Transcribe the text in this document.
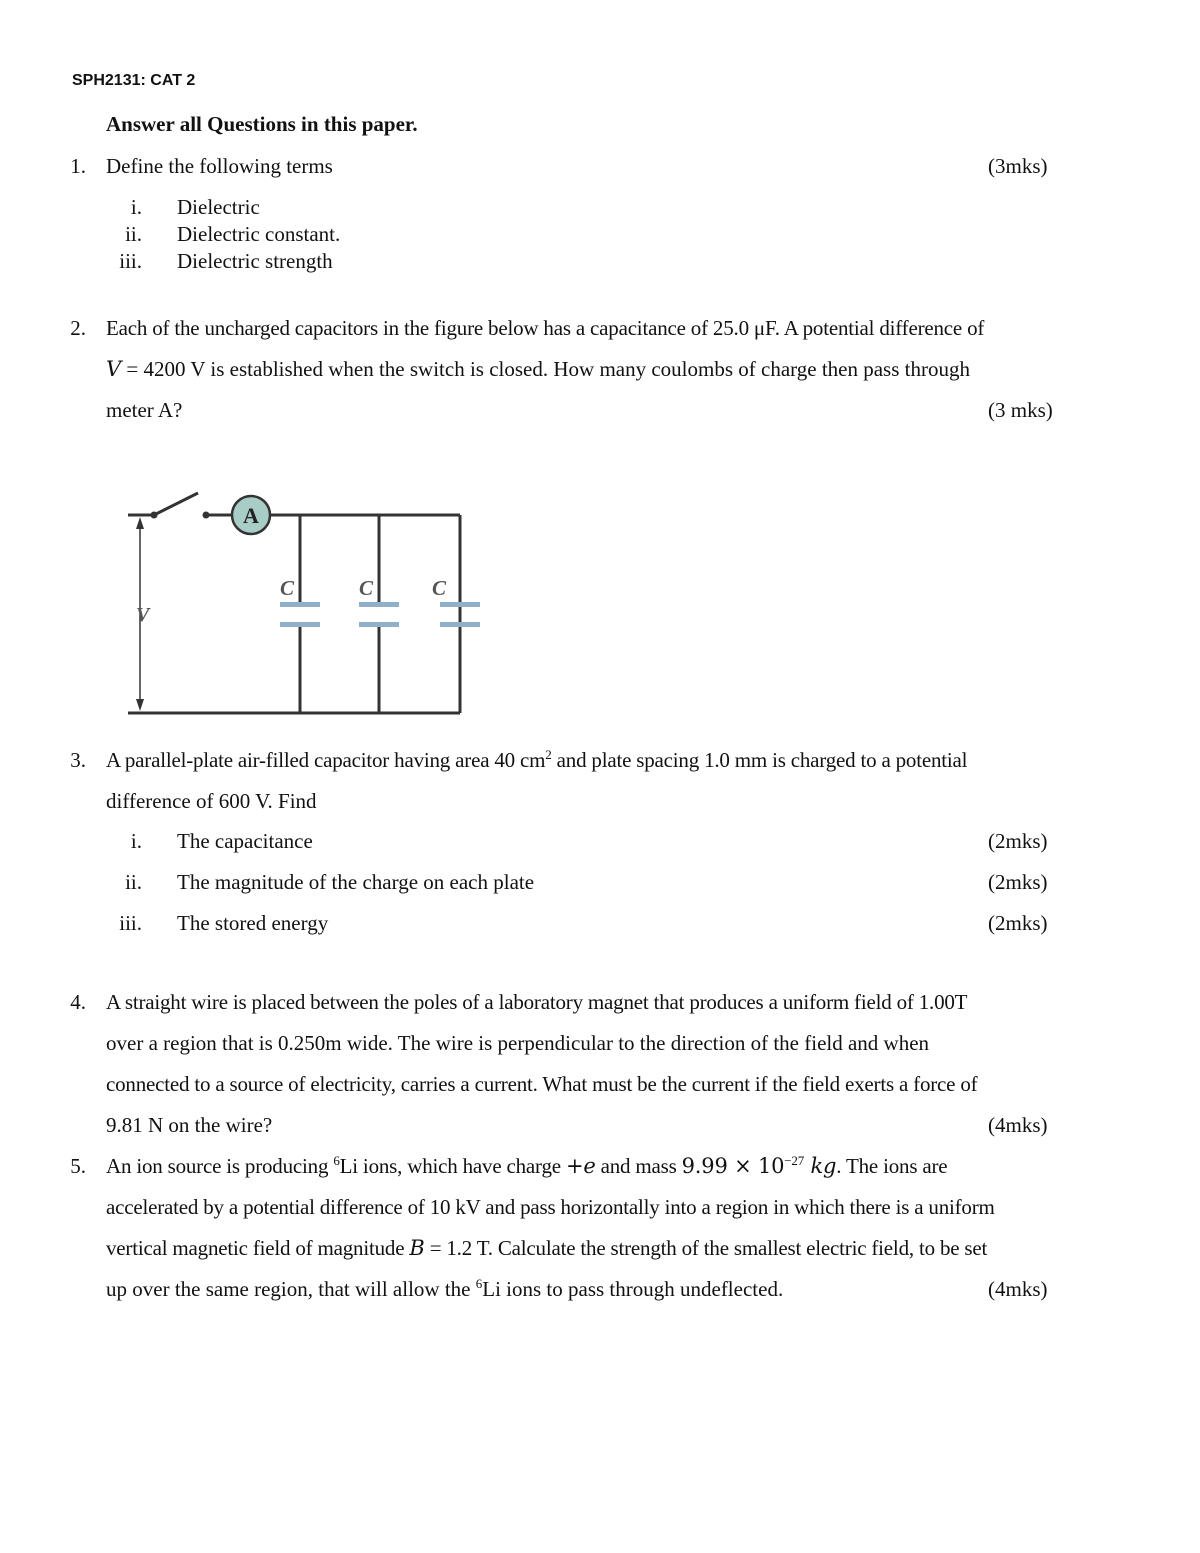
SPH2131: CAT 2
Answer all Questions in this paper.
1. Define the following terms	(3mks)
i. Dielectric
ii. Dielectric constant.
iii. Dielectric strength
2. Each of the uncharged capacitors in the figure below has a capacitance of 25.0 μF. A potential difference of
V = 4200 V is established when the switch is closed. How many coulombs of charge then pass through
meter A?	(3 mks)
A
V
C	C	C
3. A parallel-plate air-filled capacitor having area 40 $cm^2$ and plate spacing 1.0 mm is charged to a potential
difference of 600 V. Find
i. The capacitance	(2mks)
ii. The magnitude of the charge on each plate	(2mks)
iii. The stored energy	(2mks)
4. A straight wire is placed between the poles of a laboratory magnet that produces a uniform field of 1.00T
over a region that is 0.250m wide. The wire is perpendicular to the direction of the field and when
connected to a source of electricity, carries a current. What must be the current if the field exerts a force of
9.81 N on the wire?	(4mks)
5. An ion source is producing $^6$Li ions, which have charge +e and mass $9.99 \times 10^{-27}$ kg. The ions are
accelerated by a potential difference of 10 kV and pass horizontally into a region in which there is a uniform
vertical magnetic field of magnitude B = 1.2 T. Calculate the strength of the smallest electric field, to be set
up over the same region, that will allow the $^6$Li ions to pass through undeflected.	(4mks)
